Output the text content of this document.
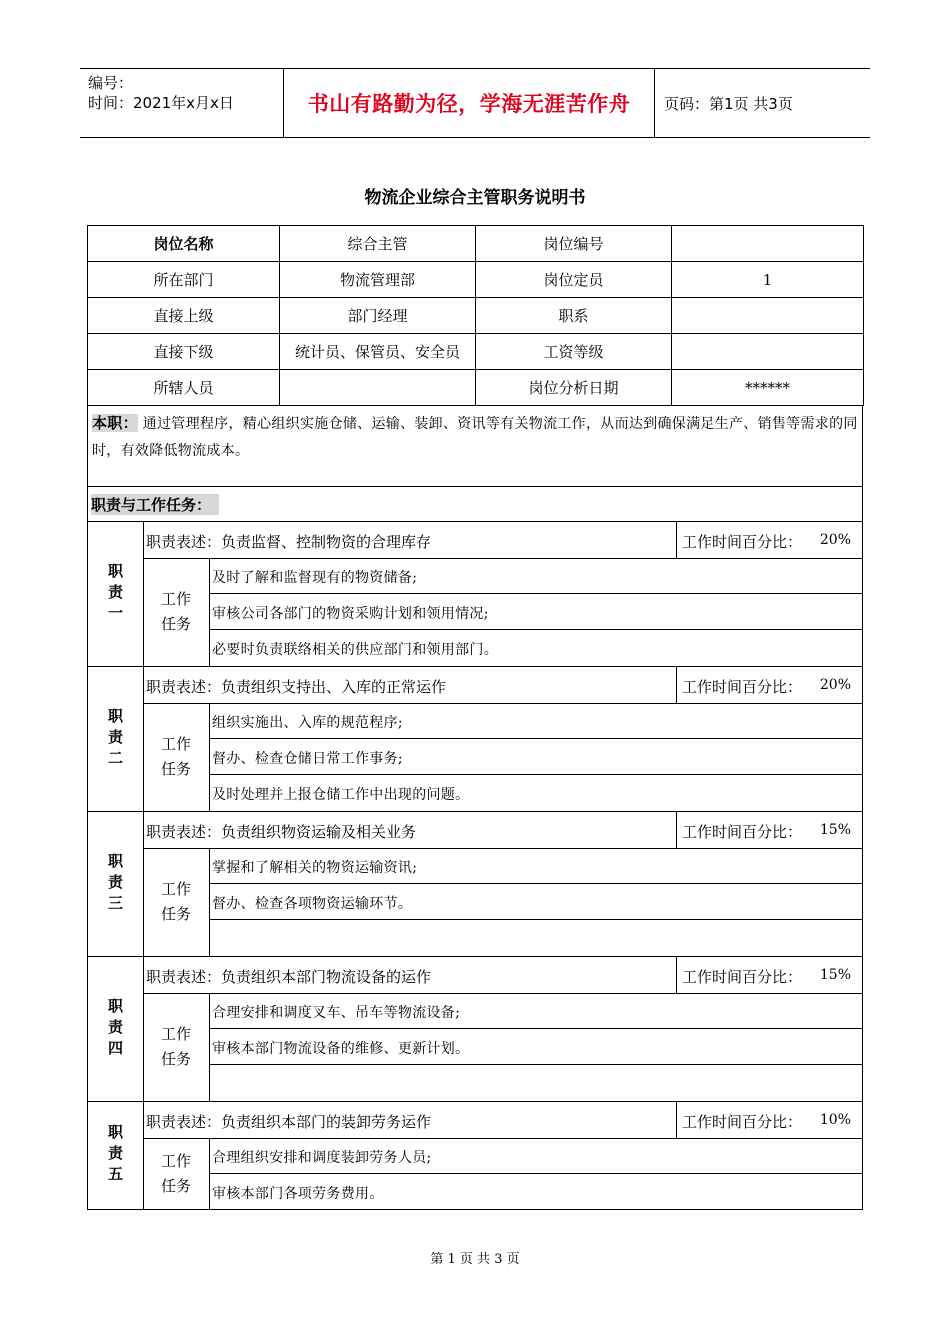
编号：
时间：2021年x月x日	书山有路勤为径，学海无涯苦作舟	页码：第1页 共3页
物流企业综合主管职务说明书
岗位名称	综合主管	岗位编号	
所在部门	物流管理部	岗位定员	1
直接上级	部门经理	职系	
直接下级	统计员、保管员、安全员	工资等级	
所辖人员		岗位分析日期	******
本职： 通过管理程序，精心组织实施仓储、运输、装卸、资讯等有关物流工作，从而达到确保满足生产、销售等需求的同时，有效降低物流成本。
职责与工作任务：
职责一
职责表述：负责监督、控制物资的合理库存	工作时间百分比： 20%
工作任务
及时了解和监督现有的物资储备;
审核公司各部门的物资采购计划和领用情况;
必要时负责联络相关的供应部门和领用部门。
职责二
职责表述：负责组织支持出、入库的正常运作	工作时间百分比： 20%
工作任务
组织实施出、入库的规范程序;
督办、检查仓储日常工作事务;
及时处理并上报仓储工作中出现的问题。
职责三
职责表述：负责组织物资运输及相关业务	工作时间百分比： 15%
工作任务
掌握和了解相关的物资运输资讯;
督办、检查各项物资运输环节。
职责四
职责表述：负责组织本部门物流设备的运作	工作时间百分比： 15%
工作任务
合理安排和调度叉车、吊车等物流设备;
审核本部门物流设备的维修、更新计划。
职责五
职责表述：负责组织本部门的装卸劳务运作	工作时间百分比： 10%
工作任务
合理组织安排和调度装卸劳务人员;
审核本部门各项劳务费用。
第 1 页 共 3 页
